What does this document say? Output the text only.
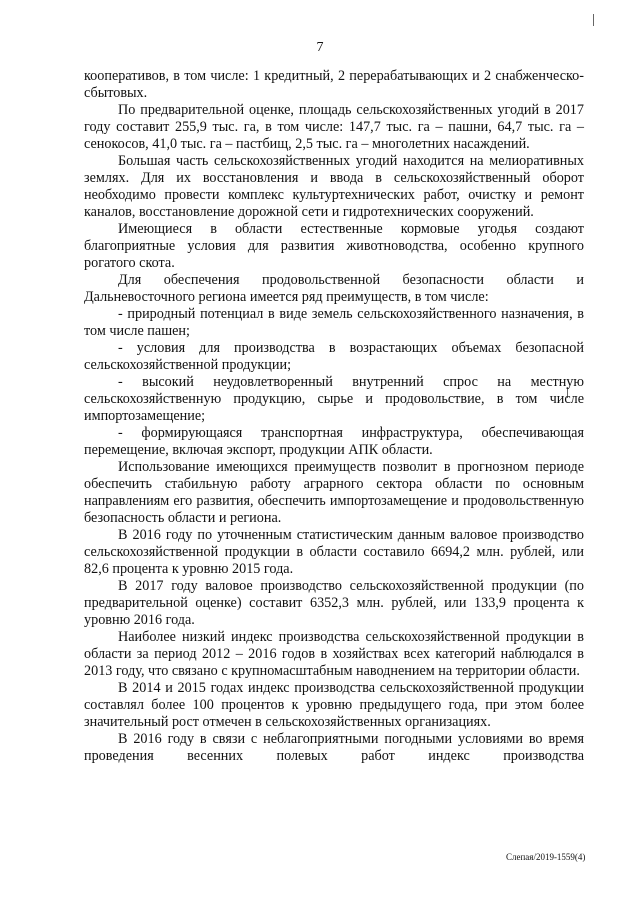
7

кооперативов, в том числе: 1 кредитный, 2 перерабатывающих и 2 снабженческо-сбытовых.

По предварительной оценке, площадь сельскохозяйственных угодий в 2017 году составит 255,9 тыс. га, в том числе: 147,7 тыс. га – пашни, 64,7 тыс. га – сенокосов, 41,0 тыс. га – пастбищ, 2,5 тыс. га – многолетних насаждений.

Большая часть сельскохозяйственных угодий находится на мелиоративных землях. Для их восстановления и ввода в сельскохозяйственный оборот необходимо провести комплекс культуртехнических работ, очистку и ремонт каналов, восстановление дорожной сети и гидротехнических сооружений.

Имеющиеся в области естественные кормовые угодья создают благоприятные условия для развития животноводства, особенно крупного рогатого скота.

Для обеспечения продовольственной безопасности области и Дальневосточного региона имеется ряд преимуществ, в том числе:

- природный потенциал в виде земель сельскохозяйственного назначения, в том числе пашен;

- условия для производства в возрастающих объемах безопасной сельскохозяйственной продукции;

- высокий неудовлетворенный внутренний спрос на местную сельскохозяйственную продукцию, сырье и продовольствие, в том числе импортозамещение;

- формирующаяся транспортная инфраструктура, обеспечивающая перемещение, включая экспорт, продукции АПК области.

Использование имеющихся преимуществ позволит в прогнозном периоде обеспечить стабильную работу аграрного сектора области по основным направлениям его развития, обеспечить импортозамещение и продовольственную безопасность области и региона.

В 2016 году по уточненным статистическим данным валовое производство сельскохозяйственной продукции в области составило 6694,2 млн. рублей, или 82,6 процента к уровню 2015 года.

В 2017 году валовое производство сельскохозяйственной продукции (по предварительной оценке) составит 6352,3 млн. рублей, или 133,9 процента к уровню 2016 года.

Наиболее низкий индекс производства сельскохозяйственной продукции в области за период 2012 – 2016 годов в хозяйствах всех категорий наблюдался в 2013 году, что связано с крупномасштабным наводнением на территории области.

В 2014 и 2015 годах индекс производства сельскохозяйственной продукции составлял более 100 процентов к уровню предыдущего года, при этом более значительный рост отмечен в сельскохозяйственных организациях.

В 2016 году в связи с неблагоприятными погодными условиями во время проведения весенних полевых работ индекс производства

Слепая/2019-1559(4)
